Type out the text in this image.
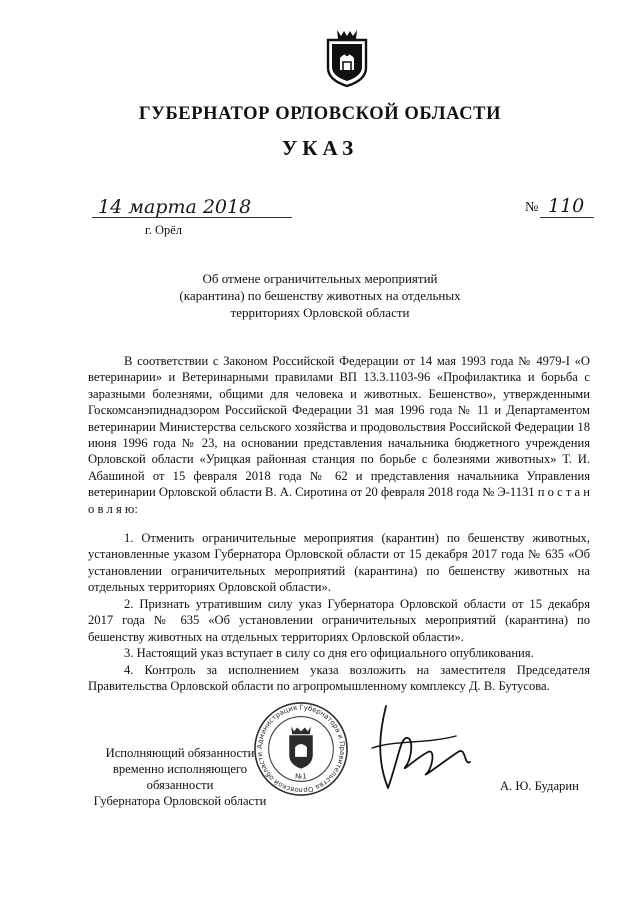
ГУБЕРНАТОР ОРЛОВСКОЙ ОБЛАСТИ
УКАЗ
14 марта 2018	№ 110
г. Орёл
Об отмене ограничительных мероприятий
(карантина) по бешенству животных на отдельных
территориях Орловской области
В соответствии с Законом Российской Федерации от 14 мая 1993 года № 4979-I «О ветеринарии» и Ветеринарными правилами ВП 13.3.1103-96 «Профилактика и борьба с заразными болезнями, общими для человека и животных. Бешенство», утвержденными Госкомсанэпиднадзором Российской Федерации 31 мая 1996 года № 11 и Департаментом ветеринарии Министерства сельского хозяйства и продовольствия Российской Федерации 18 июня 1996 года № 23, на основании представления начальника бюджетного учреждения Орловской области «Урицкая районная станция по борьбе с болезнями животных» Т. И. Абашиной от 15 февраля 2018 года № 62 и представления начальника Управления ветеринарии Орловской области В. А. Сиротина от 20 февраля 2018 года № Э-1131 п о с т а н о в л я ю:
1. Отменить ограничительные мероприятия (карантин) по бешенству животных, установленные указом Губернатора Орловской области от 15 декабря 2017 года № 635 «Об установлении ограничительных мероприятий (карантина) по бешенству животных на отдельных территориях Орловской области».
2. Признать утратившим силу указ Губернатора Орловской области от 15 декабря 2017 года № 635 «Об установлении ограничительных мероприятий (карантина) по бешенству животных на отдельных территориях Орловской области».
3. Настоящий указ вступает в силу со дня его официального опубликования.
4. Контроль за исполнением указа возложить на заместителя Председателя Правительства Орловской области по агропромышленному комплексу Д. В. Бутусова.
Исполняющий обязанности
временно исполняющего обязанности
Губернатора Орловской области
Администрация Губернатора и Правительства Орловской области
№1
А. Ю. Бударин
